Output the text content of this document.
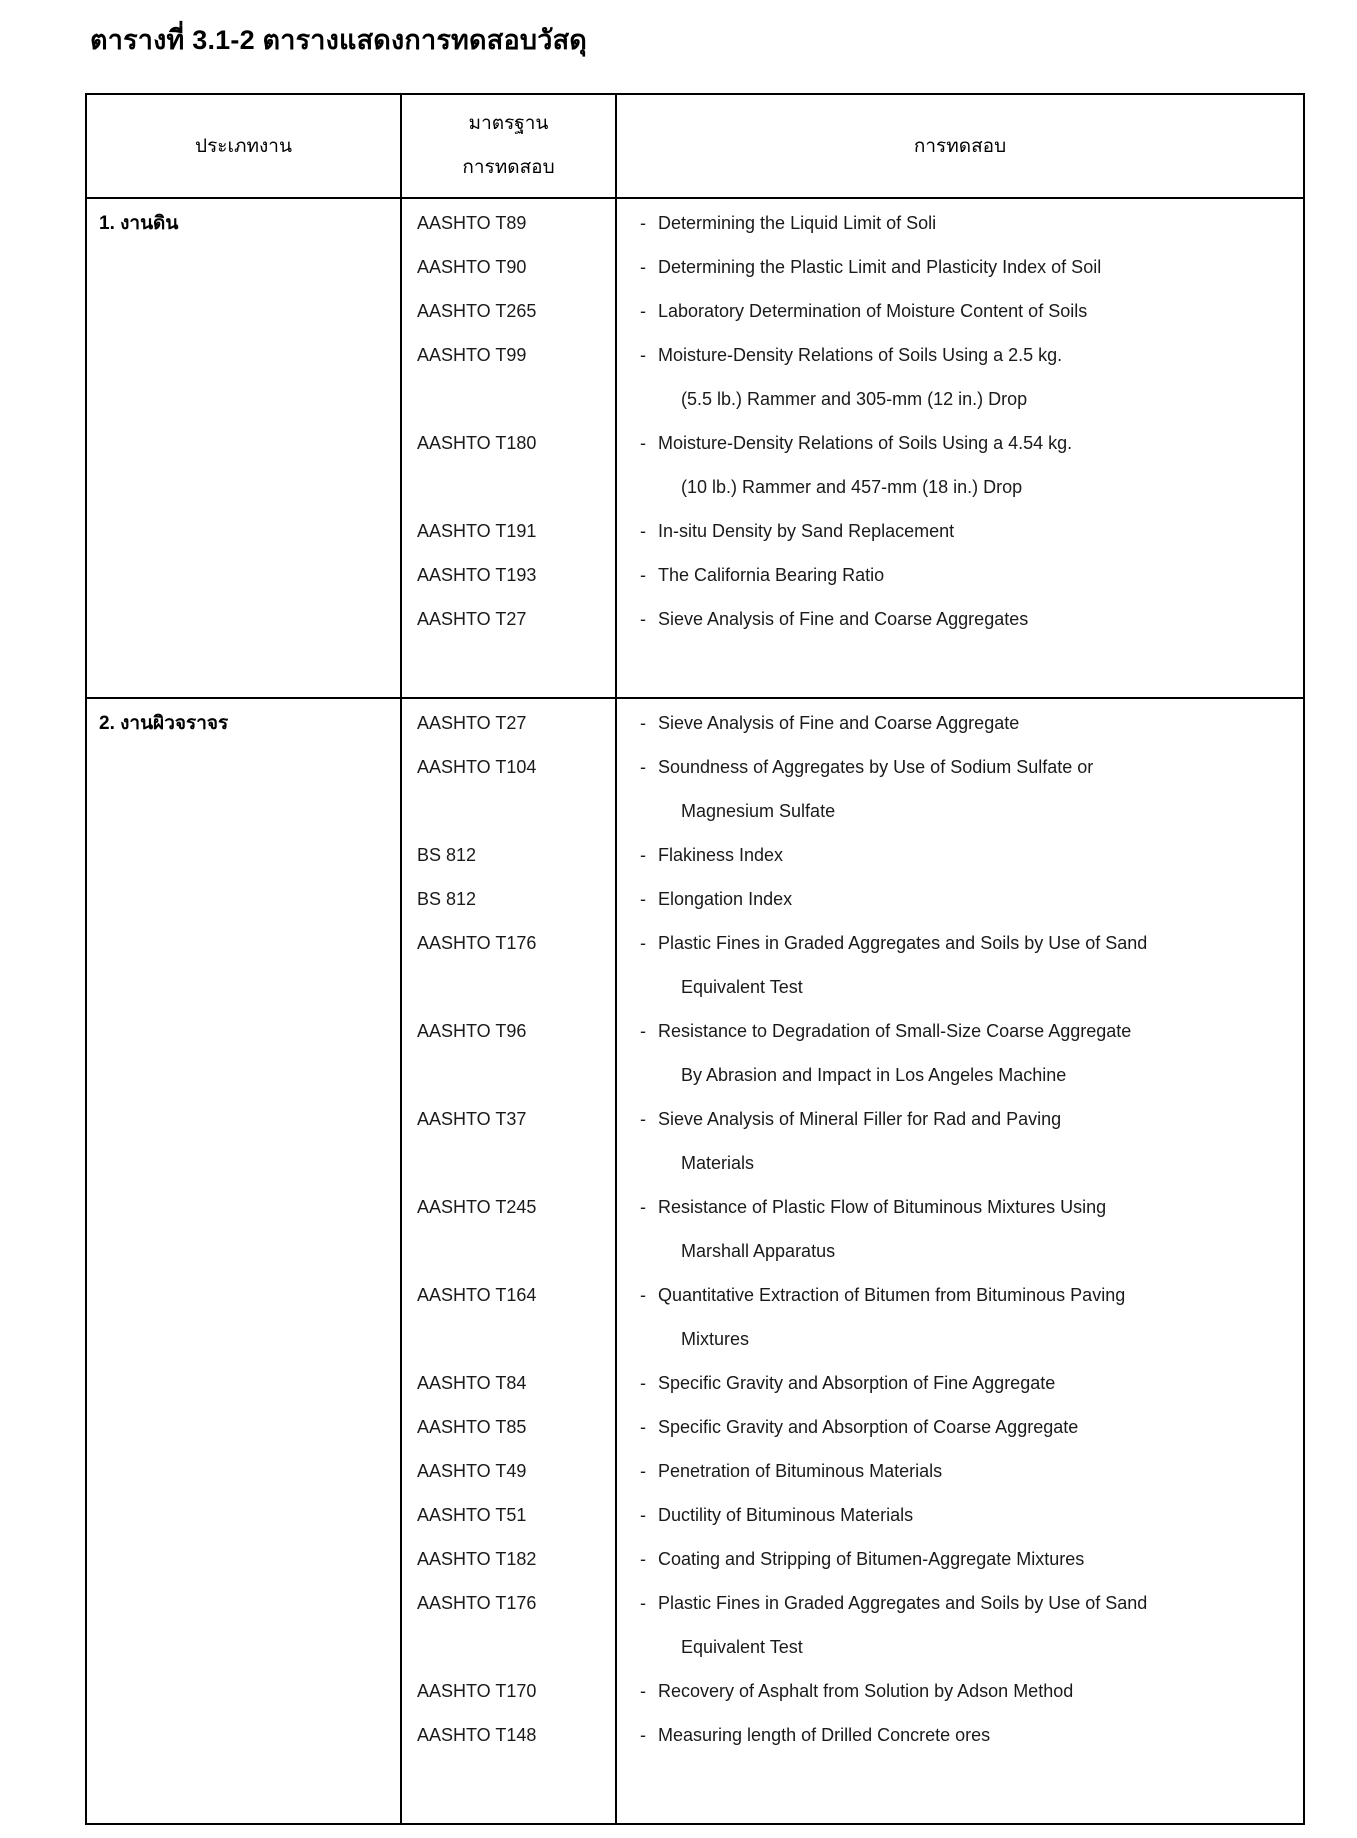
ตารางที่ 3.1-2 ตารางแสดงการทดสอบวัสดุ
ประเภทงาน
มาตรฐาน
การทดสอบ
การทดสอบ
1. งานดิน	AASHTO T89
AASHTO T90
AASHTO T265
AASHTO T99
AASHTO T180
AASHTO T191
AASHTO T193
AASHTO T27
- Determining the Liquid Limit of Soli
- Determining the Plastic Limit and Plasticity Index of Soil
- Laboratory Determination of Moisture Content of Soils
- Moisture-Density Relations of Soils Using a 2.5 kg.
(5.5 lb.) Rammer and 305-mm (12 in.) Drop
- Moisture-Density Relations of Soils Using a 4.54 kg.
(10 lb.) Rammer and 457-mm (18 in.) Drop
- In-situ Density by Sand Replacement
- The California Bearing Ratio
- Sieve Analysis of Fine and Coarse Aggregates
2. งานผิวจราจร	AASHTO T27
AASHTO T104
BS 812
BS 812
AASHTO T176
AASHTO T96
AASHTO T37
AASHTO T245
AASHTO T164
AASHTO T84
AASHTO T85
AASHTO T49
AASHTO T51
AASHTO T182
AASHTO T176
AASHTO T170
AASHTO T148
- Sieve Analysis of Fine and Coarse Aggregate
- Soundness of Aggregates by Use of Sodium Sulfate or
Magnesium Sulfate
- Flakiness Index
- Elongation Index
- Plastic Fines in Graded Aggregates and Soils by Use of Sand
Equivalent Test
- Resistance to Degradation of Small-Size Coarse Aggregate
By Abrasion and Impact in Los Angeles Machine
- Sieve Analysis of Mineral Filler for Rad and Paving
Materials
- Resistance of Plastic Flow of Bituminous Mixtures Using
Marshall Apparatus
- Quantitative Extraction of Bitumen from Bituminous Paving
Mixtures
- Specific Gravity and Absorption of Fine Aggregate
- Specific Gravity and Absorption of Coarse Aggregate
- Penetration of Bituminous Materials
- Ductility of Bituminous Materials
- Coating and Stripping of Bitumen-Aggregate Mixtures
- Plastic Fines in Graded Aggregates and Soils by Use of Sand
Equivalent Test
- Recovery of Asphalt from Solution by Adson Method
- Measuring length of Drilled Concrete ores
